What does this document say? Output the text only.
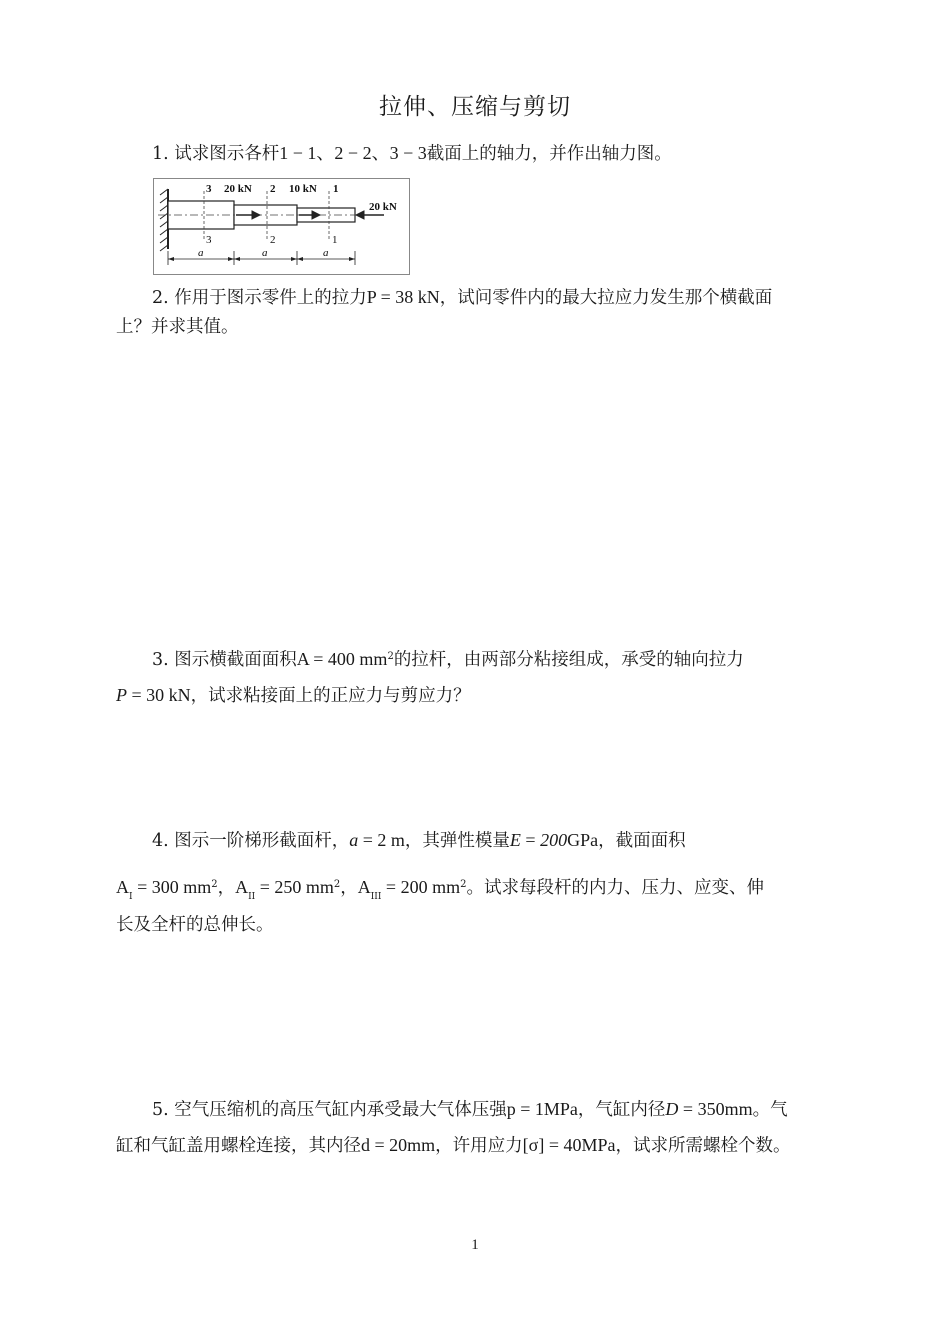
拉伸、压缩与剪切
1. 试求图示各杆1 − 1、2 − 2、3 − 3截面上的轴力，并作出轴力图。
3 20 kN 2 10 kN 1
20 kN
3	2	1
a	a	a
2. 作用于图示零件上的拉力P = 38 kN，试问零件内的最大拉应力发生那个横截面
上？并求其值。
3. 图示横截面面积A = 400 $mm^2$的拉杆，由两部分粘接组成，承受的轴向拉力
P = 30 kN，试求粘接面上的正应力与剪应力？
4. 图示一阶梯形截面杆，a = 2 m，其弹性模量E = 200GPa，截面面积
$A_I = 300$ $mm^2$，$A_{II} = 250$ $mm^2$，$A_{III} = 200$ $mm^2$。试求每段杆的内力、压力、应变、伸
长及全杆的总伸长。
5. 空气压缩机的高压气缸内承受最大气体压强p = 1MPa，气缸内径D = 350mm。气
缸和气缸盖用螺栓连接，其内径d = 20mm，许用应力[σ] = 40MPa，试求所需螺栓个数。
1
